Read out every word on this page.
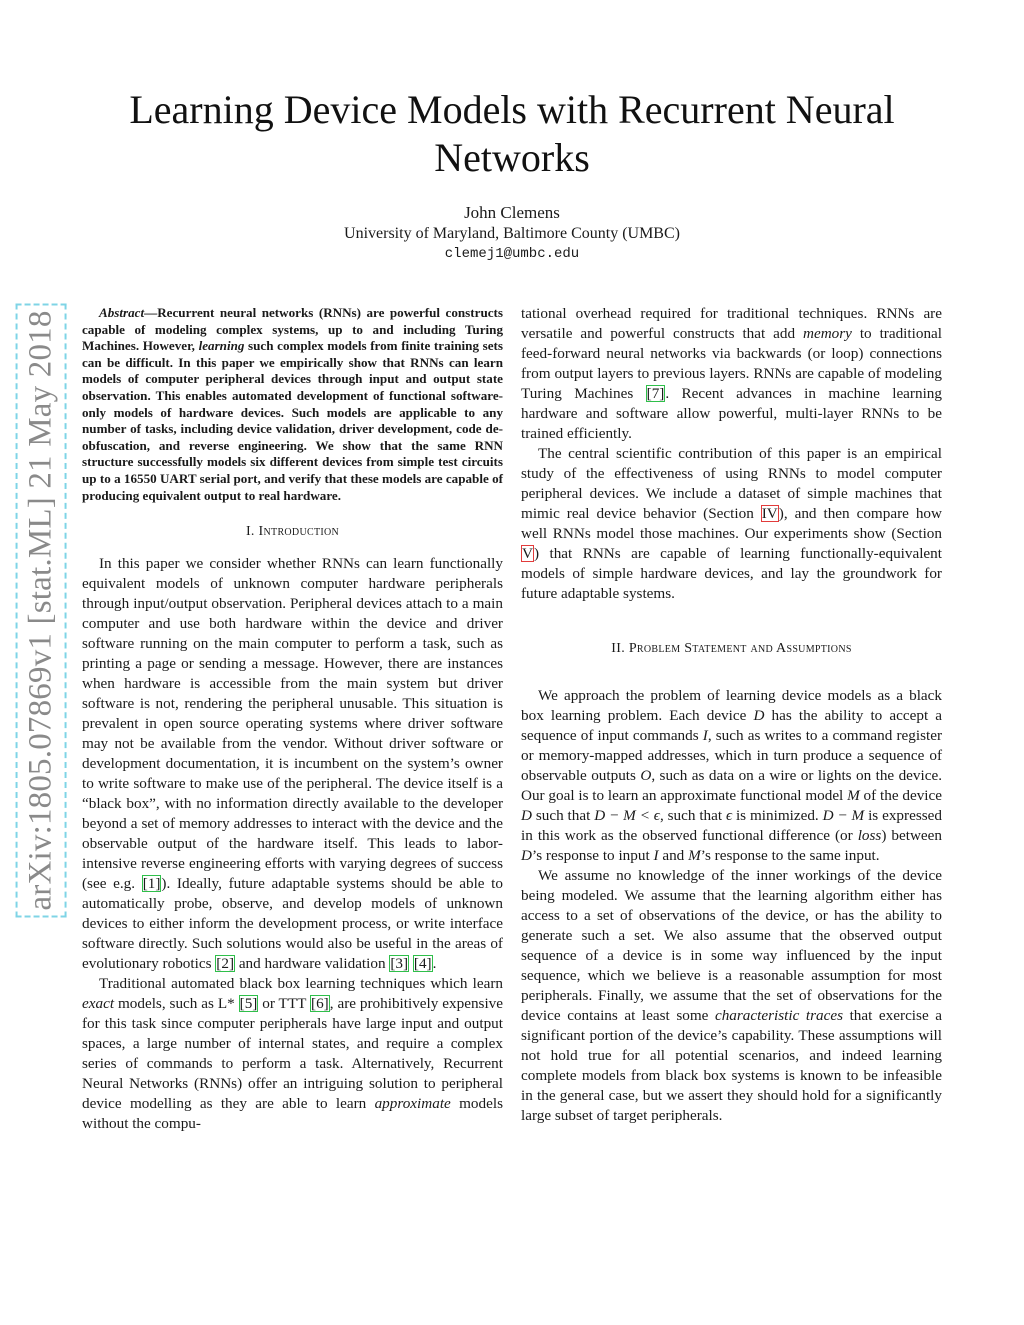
arXiv:1805.07869v1 [stat.ML] 21 May 2018
Learning Device Models with Recurrent Neural
Networks
John Clemens
University of Maryland, Baltimore County (UMBC)
clemej1@umbc.edu

Abstract—Recurrent neural networks (RNNs) are powerful constructs capable of modeling complex systems, up to and including Turing Machines. However, learning such complex models from finite training sets can be difficult. In this paper we empirically show that RNNs can learn models of computer peripheral devices through input and output state observation. This enables automated development of functional software-only models of hardware devices. Such models are applicable to any number of tasks, including device validation, driver development, code de-obfuscation, and reverse engineering. We show that the same RNN structure successfully models six different devices from simple test circuits up to a 16550 UART serial port, and verify that these models are capable of producing equivalent output to real hardware.

I. Introduction

In this paper we consider whether RNNs can learn functionally equivalent models of unknown computer hardware peripherals through input/output observation. Peripheral devices attach to a main computer and use both hardware within the device and driver software running on the main computer to perform a task, such as printing a page or sending a message. However, there are instances when hardware is accessible from the main system but driver software is not, rendering the peripheral unusable. This situation is prevalent in open source operating systems where driver software may not be available from the vendor. Without driver software or development documentation, it is incumbent on the system’s owner to write software to make use of the peripheral. The device itself is a “black box”, with no information directly available to the developer beyond a set of memory addresses to interact with the device and the observable output of the hardware itself. This leads to labor-intensive reverse engineering efforts with varying degrees of success (see e.g. [1]). Ideally, future adaptable systems should be able to automatically probe, observe, and develop models of unknown devices to either inform the development process, or write interface software directly. Such solutions would also be useful in the areas of evolutionary robotics [2] and hardware validation [3] [4].

Traditional automated black box learning techniques which learn exact models, such as L* [5] or TTT [6], are prohibitively expensive for this task since computer peripherals have large input and output spaces, a large number of internal states, and require a complex series of commands to perform a task. Alternatively, Recurrent Neural Networks (RNNs) offer an intriguing solution to peripheral device modelling as they are able to learn approximate models without the compu-

tational overhead required for traditional techniques. RNNs are versatile and powerful constructs that add memory to traditional feed-forward neural networks via backwards (or loop) connections from output layers to previous layers. RNNs are capable of modeling Turing Machines [7]. Recent advances in machine learning hardware and software allow powerful, multi-layer RNNs to be trained efficiently.

The central scientific contribution of this paper is an empirical study of the effectiveness of using RNNs to model computer peripheral devices. We include a dataset of simple machines that mimic real device behavior (Section IV), and then compare how well RNNs model those machines. Our experiments show (Section V) that RNNs are capable of learning functionally-equivalent models of simple hardware devices, and lay the groundwork for future adaptable systems.

II. Problem Statement and Assumptions

We approach the problem of learning device models as a black box learning problem. Each device D has the ability to accept a sequence of input commands I, such as writes to a command register or memory-mapped addresses, which in turn produce a sequence of observable outputs O, such as data on a wire or lights on the device. Our goal is to learn an approximate functional model M of the device D such that D − M < ϵ, such that ϵ is minimized. D − M is expressed in this work as the observed functional difference (or loss) between D’s response to input I and M’s response to the same input.

We assume no knowledge of the inner workings of the device being modeled. We assume that the learning algorithm either has access to a set of observations of the device, or has the ability to generate such a set. We also assume that the observed output sequence of a device is in some way influenced by the input sequence, which we believe is a reasonable assumption for most peripherals. Finally, we assume that the set of observations for the device contains at least some characteristic traces that exercise a significant portion of the device’s capability. These assumptions will not hold true for all potential scenarios, and indeed learning complete models from black box systems is known to be infeasible in the general case, but we assert they should hold for a significantly large subset of target peripherals.
